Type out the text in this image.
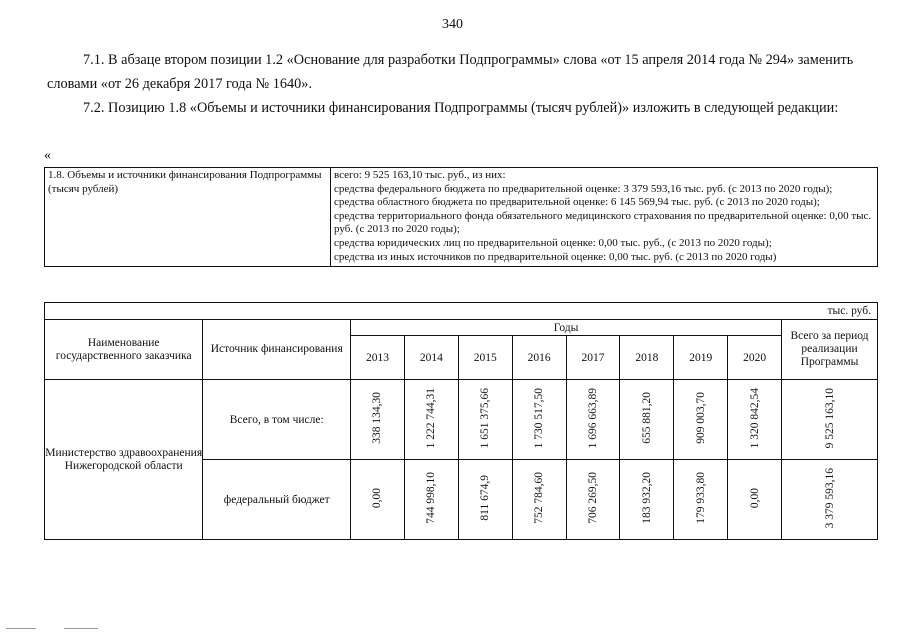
340

7.1. В абзаце втором позиции 1.2 «Основание для разработки Подпрограммы» слова «от 15 апреля 2014 года № 294» заменить словами «от 26 декабря 2017 года № 1640».

7.2. Позицию 1.8 «Объемы и источники финансирования Подпрограммы (тысяч рублей)» изложить в следующей редакции:

«
1.8. Объемы и источники финансирования Подпрограммы (тысяч рублей)	
всего: 9 525 163,10 тыс. руб., из них:
средства федерального бюджета по предварительной оценке: 3 379 593,16 тыс. руб. (с 2013 по 2020 годы);
средства областного бюджета по предварительной оценке: 6 145 569,94 тыс. руб. (с 2013 по 2020 годы);
средства территориального фонда обязательного медицинского страхования по предварительной оценке: 0,00 тыс. руб. (с 2013 по 2020 годы);
средства юридических лиц по предварительной оценке: 0,00 тыс. руб., (с 2013 по 2020 годы);
средства из иных источников по предварительной оценке: 0,00 тыс. руб. (с 2013 по 2020 годы)
тыс. руб.
Наименование государственного заказчика	Источник финансирования	Годы								Всего за период реализации Программы
		2013	2014	2015	2016	2017	2018	2019	2020	
Министерство здравоохранения Нижегородской области	Всего, в том числе:	338 134,30	1 222 744,31	1 651 375,66	1 730 517,50	1 696 663,89	655 881,20	909 003,70	1 320 842,54	9 525 163,10
	федеральный бюджет	0,00	744 998,10	811 674,9	752 784,60	706 269,50	183 932,20	179 933,80	0,00	3 379 593,16
